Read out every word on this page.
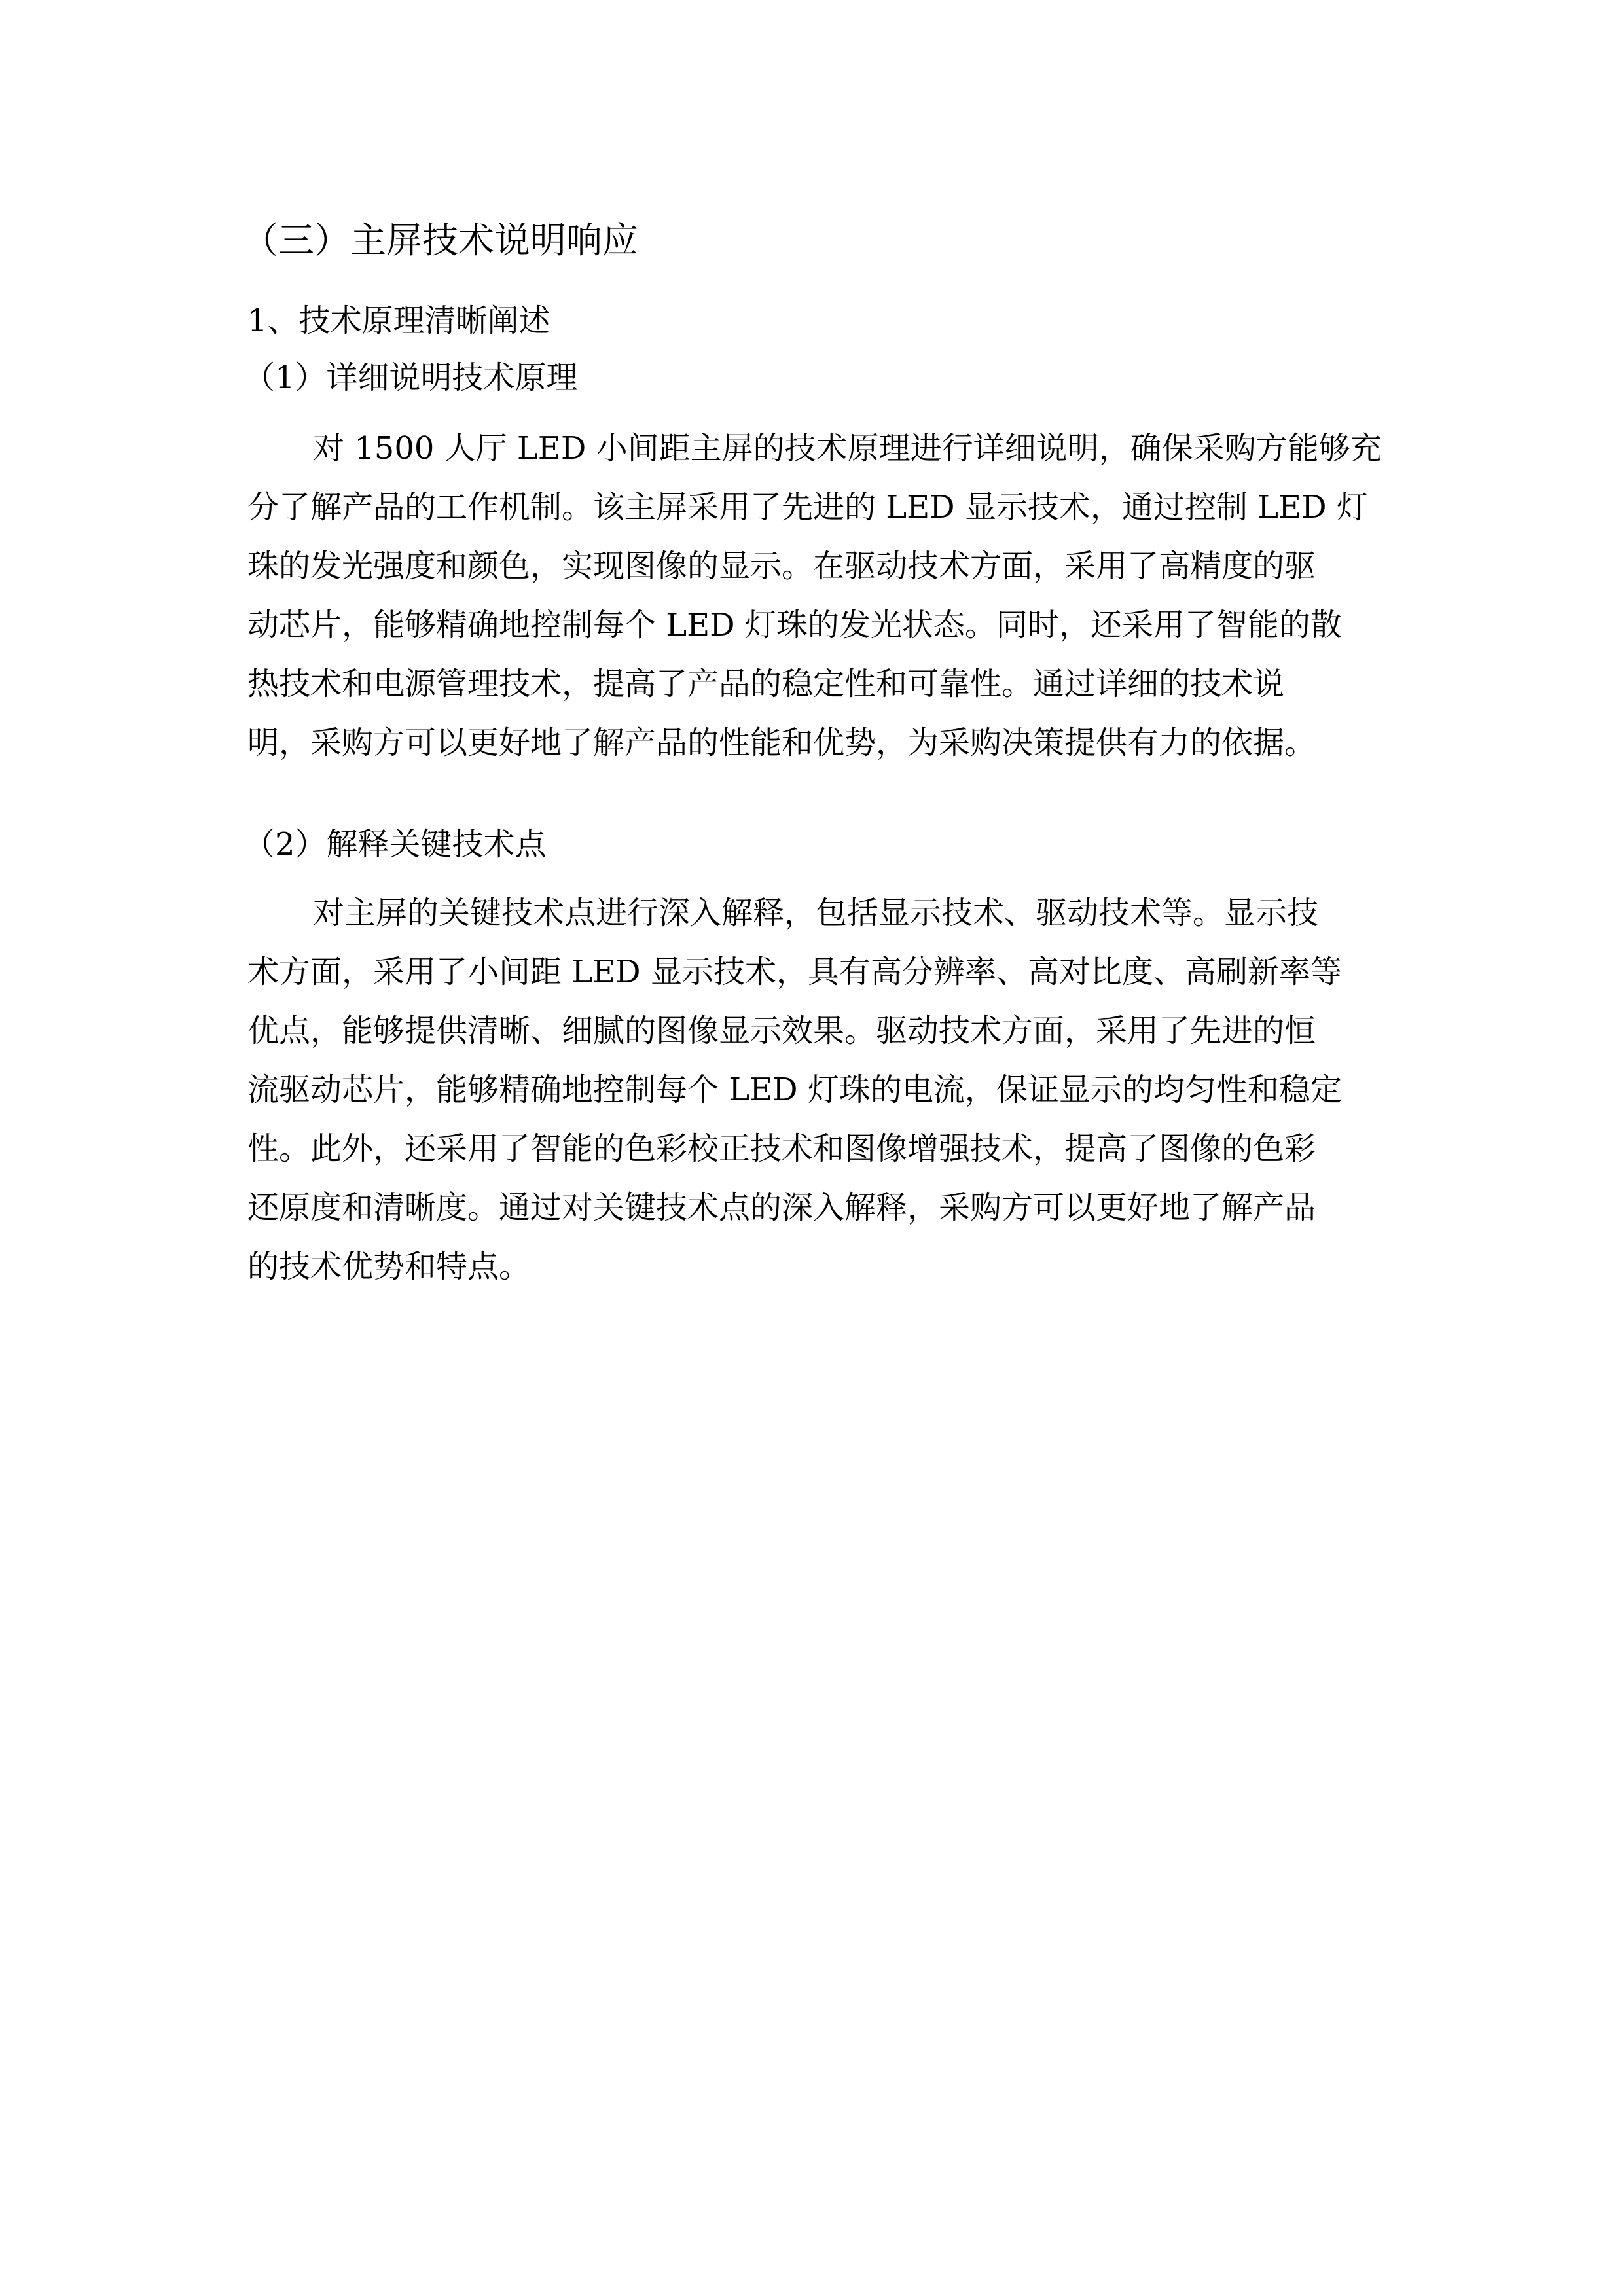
（三）主屏技术说明响应
1、技术原理清晰阐述
（1）详细说明技术原理
对 1500 人厅 LED 小间距主屏的技术原理进行详细说明，确保采购方能够充
分了解产品的工作机制。该主屏采用了先进的 LED 显示技术，通过控制 LED 灯
珠的发光强度和颜色，实现图像的显示。在驱动技术方面，采用了高精度的驱
动芯片，能够精确地控制每个 LED 灯珠的发光状态。同时，还采用了智能的散
热技术和电源管理技术，提高了产品的稳定性和可靠性。通过详细的技术说
明，采购方可以更好地了解产品的性能和优势，为采购决策提供有力的依据。
（2）解释关键技术点
对主屏的关键技术点进行深入解释，包括显示技术、驱动技术等。显示技
术方面，采用了小间距 LED 显示技术，具有高分辨率、高对比度、高刷新率等
优点，能够提供清晰、细腻的图像显示效果。驱动技术方面，采用了先进的恒
流驱动芯片，能够精确地控制每个 LED 灯珠的电流，保证显示的均匀性和稳定
性。此外，还采用了智能的色彩校正技术和图像增强技术，提高了图像的色彩
还原度和清晰度。通过对关键技术点的深入解释，采购方可以更好地了解产品
的技术优势和特点。
